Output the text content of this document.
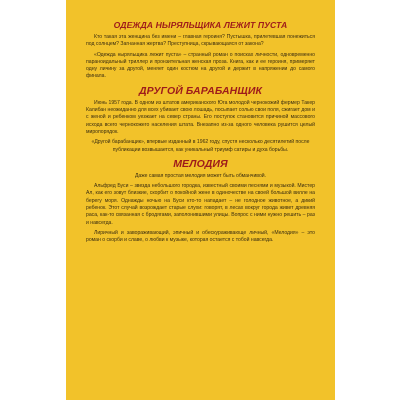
ОДЕЖДА НЫРЯЛЬЩИКА ЛЕЖИТ ПУСТА

Кто такая эта женщина без имени – главная героиня? Пустышка, прилетевшая понежиться под солнцем? Загнанная жертва? Преступница, скрывающаяся от закона?

«Одежда ныряльщика лежит пуста» – странный роман о поисках личности, одновременно параноидальный триллер и пронзительная женская проза. Книга, как и ее героиня, примеряет одну личину за другой, меняет один костюм на другой и держит в напряжении до самого финала.

ДРУГОЙ БАРАБАНЩИК

Июнь 1957 года. В одном из штатов американского Юга молодой чернокожий фермер Такер Калибан неожиданно для всех убивает свою лошадь, посыпает солью свои поля, сжигает дом и с женой и ребенком уезжает на север страны. Его поступок становится причиной массового исхода всего чернокожего населения штата. Внезапно из-за одного человека рушится целый миропорядок.

«Другой барабанщик», впервые изданный в 1962 году, спустя несколько десятилетий после публикации возвышается, как уникальный триумф сатиры и духа борьбы.

МЕЛОДИЯ

Даже самая простая мелодия может быть обманчивой.

Альфред Буси – звезда небольшого городка, известный своими песнями и музыкой. Мистер Ал, как его зовут близкие, скорбит о покойной жене в одиночестве на своей большой вилле на берегу моря. Однажды ночью на Буси кто-то нападает – не голодное животное, а дикий ребенок. Этот случай возрождает старые слухи: говорят, в лесах вокруг города живет древняя раса, как-то связанная с бродягами, заполонившими улицы. Вопрос с ними нужно решить – раз и навсегда.

Лиричный и завораживающий, эпичный и обескураживающе личный, «Мелодия» – это роман о скорби и славе, о любви к музыке, которая остается с тобой навсегда.
